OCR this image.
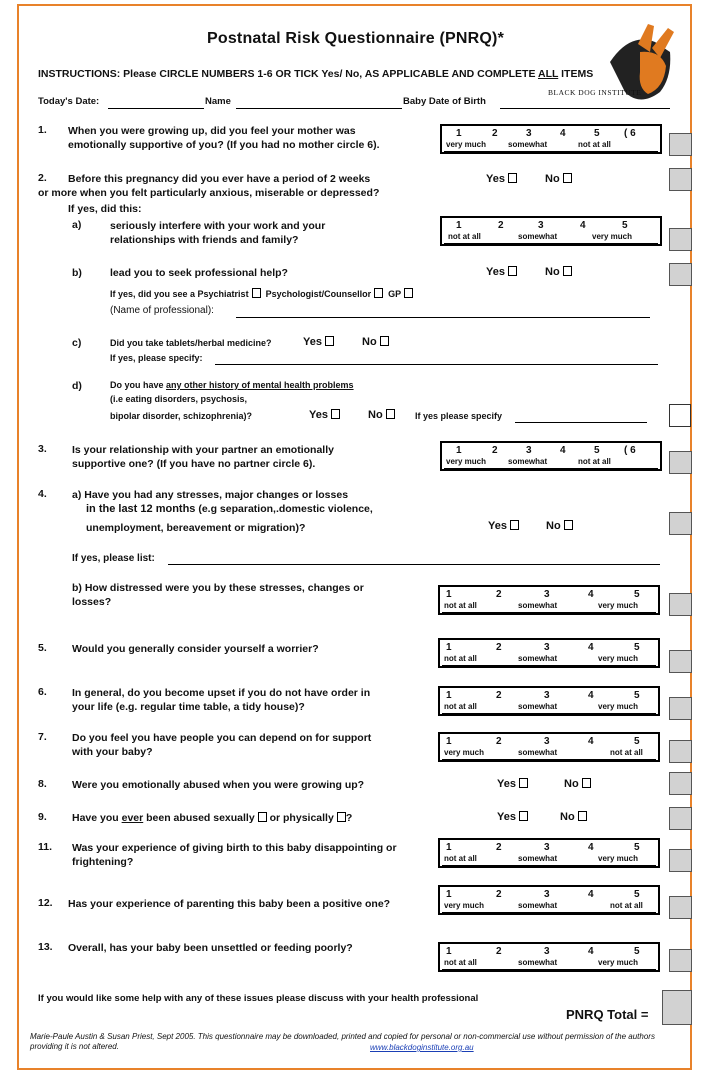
Postnatal Risk Questionnaire (PNRQ)*
BLACK DOG INSTITUTE
INSTRUCTIONS: Please CIRCLE NUMBERS 1-6 OR TICK Yes/ No, AS APPLICABLE AND COMPLETE ALL ITEMS
Today's Date:	Name	Baby Date of Birth
1. When you were growing up, did you feel your mother was emotionally supportive of you? (If you had no mother circle 6).
1	2	3	4	5 ( 6
very much	somewhat	not at all
2. Before this pregnancy did you ever have a period of 2 weeks
or more when you felt particularly anxious, miserable or depressed?
If yes, did this:
Yes	No
a)	seriously interfere with your work and your relationships with friends and family?
1	2	3	4	5
not at all	somewhat	very much
b)	lead you to seek professional help?	Yes	No
If yes, did you see a Psychiatrist Psychologist/Counsellor GP
(Name of professional):
c)	Did you take tablets/herbal medicine?	Yes	No
If yes, please specify:
d)	Do you have any other history of mental health problems
(i.e eating disorders, psychosis,
bipolar disorder, schizophrenia)?	Yes	No	If yes please specify
3. Is your relationship with your partner an emotionally supportive one? (If you have no partner circle 6).
1	2	3	4	5 ( 6
very much	somewhat	not at all
4. a) Have you had any stresses, major changes or losses
in the last 12 months (e.g separation,.domestic violence,
unemployment, bereavement or migration)?	Yes	No
If yes, please list:
b) How distressed were you by these stresses, changes or losses?
1	2	3	4	5
not at all	somewhat	very much
5. Would you generally consider yourself a worrier?	1	2	3	4	5
not at all	somewhat	very much
6. In general, do you become upset if you do not have order in your life (e.g. regular time table, a tidy house)?
1	2	3	4	5
not at all	somewhat	very much
7. Do you feel you have people you can depend on for support with your baby?
1	2	3	4	5
very much	somewhat	not at all
8. Were you emotionally abused when you were growing up?	Yes	No
9. Have you ever been abused sexually or physically ?	Yes	No
11. Was your experience of giving birth to this baby disappointing or frightening?
1	2	3	4	5
not at all	somewhat	very much
12. Has your experience of parenting this baby been a positive one?
1	2	3	4	5
very much	somewhat	not at all
13. Overall, has your baby been unsettled or feeding poorly?	1	2	3	4	5
not at all	somewhat	very much
If you would like some help with any of these issues please discuss with your health professional
PNRQ Total =
Marie-Paule Austin & Susan Priest, Sept 2005. This questionnaire may be downloaded, printed and copied for personal or non-commercial use without permission of the authors providing it is not altered.	www.blackdoginstitute.org.au
